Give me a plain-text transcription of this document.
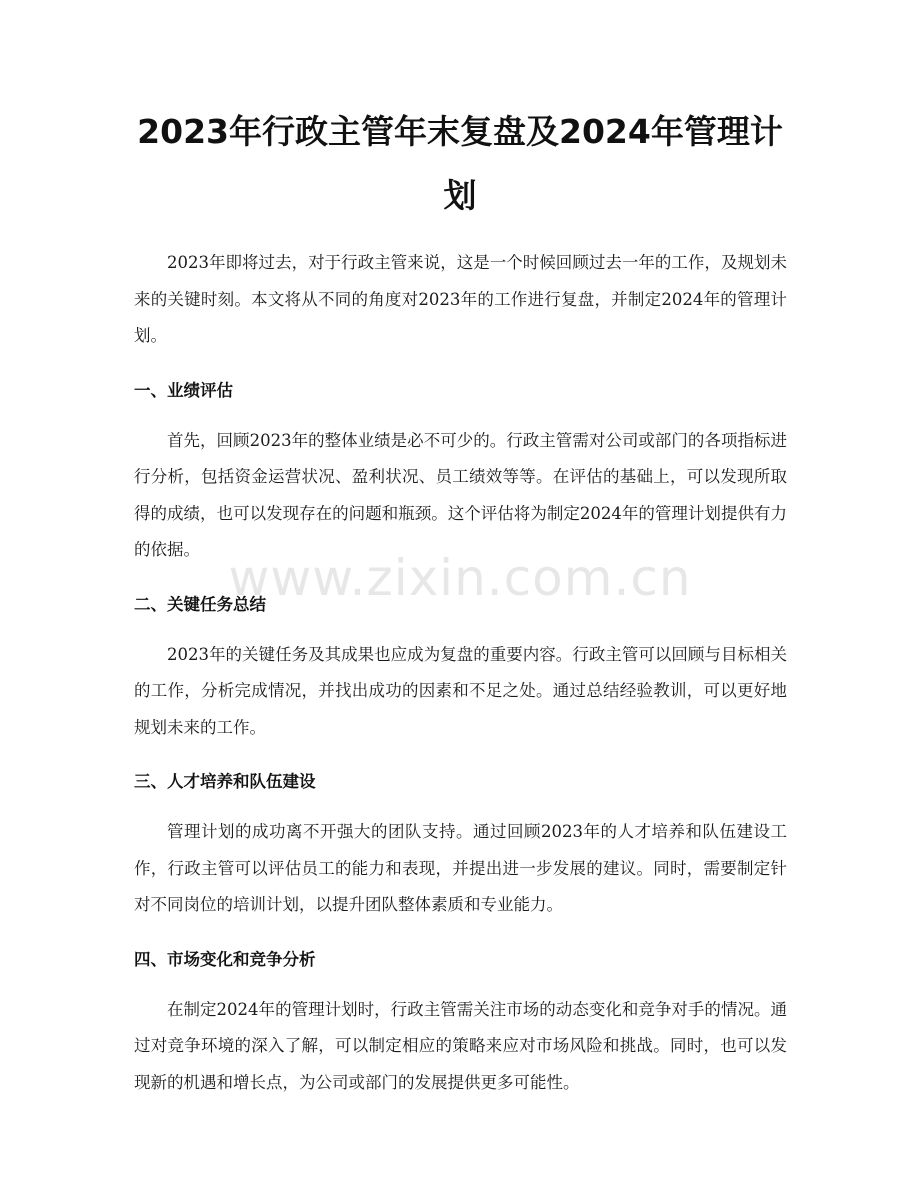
2023年行政主管年末复盘及2024年管理计划

2023年即将过去，对于行政主管来说，这是一个时候回顾过去一年的工作，及规划未来的关键时刻。本文将从不同的角度对2023年的工作进行复盘，并制定2024年的管理计划。

一、业绩评估

首先，回顾2023年的整体业绩是必不可少的。行政主管需对公司或部门的各项指标进行分析，包括资金运营状况、盈利状况、员工绩效等等。在评估的基础上，可以发现所取得的成绩，也可以发现存在的问题和瓶颈。这个评估将为制定2024年的管理计划提供有力的依据。

二、关键任务总结

2023年的关键任务及其成果也应成为复盘的重要内容。行政主管可以回顾与目标相关的工作，分析完成情况，并找出成功的因素和不足之处。通过总结经验教训，可以更好地规划未来的工作。

三、人才培养和队伍建设

管理计划的成功离不开强大的团队支持。通过回顾2023年的人才培养和队伍建设工作，行政主管可以评估员工的能力和表现，并提出进一步发展的建议。同时，需要制定针对不同岗位的培训计划，以提升团队整体素质和专业能力。

四、市场变化和竞争分析

在制定2024年的管理计划时，行政主管需关注市场的动态变化和竞争对手的情况。通过对竞争环境的深入了解，可以制定相应的策略来应对市场风险和挑战。同时，也可以发现新的机遇和增长点，为公司或部门的发展提供更多可能性。

www.zixin.com.cn
